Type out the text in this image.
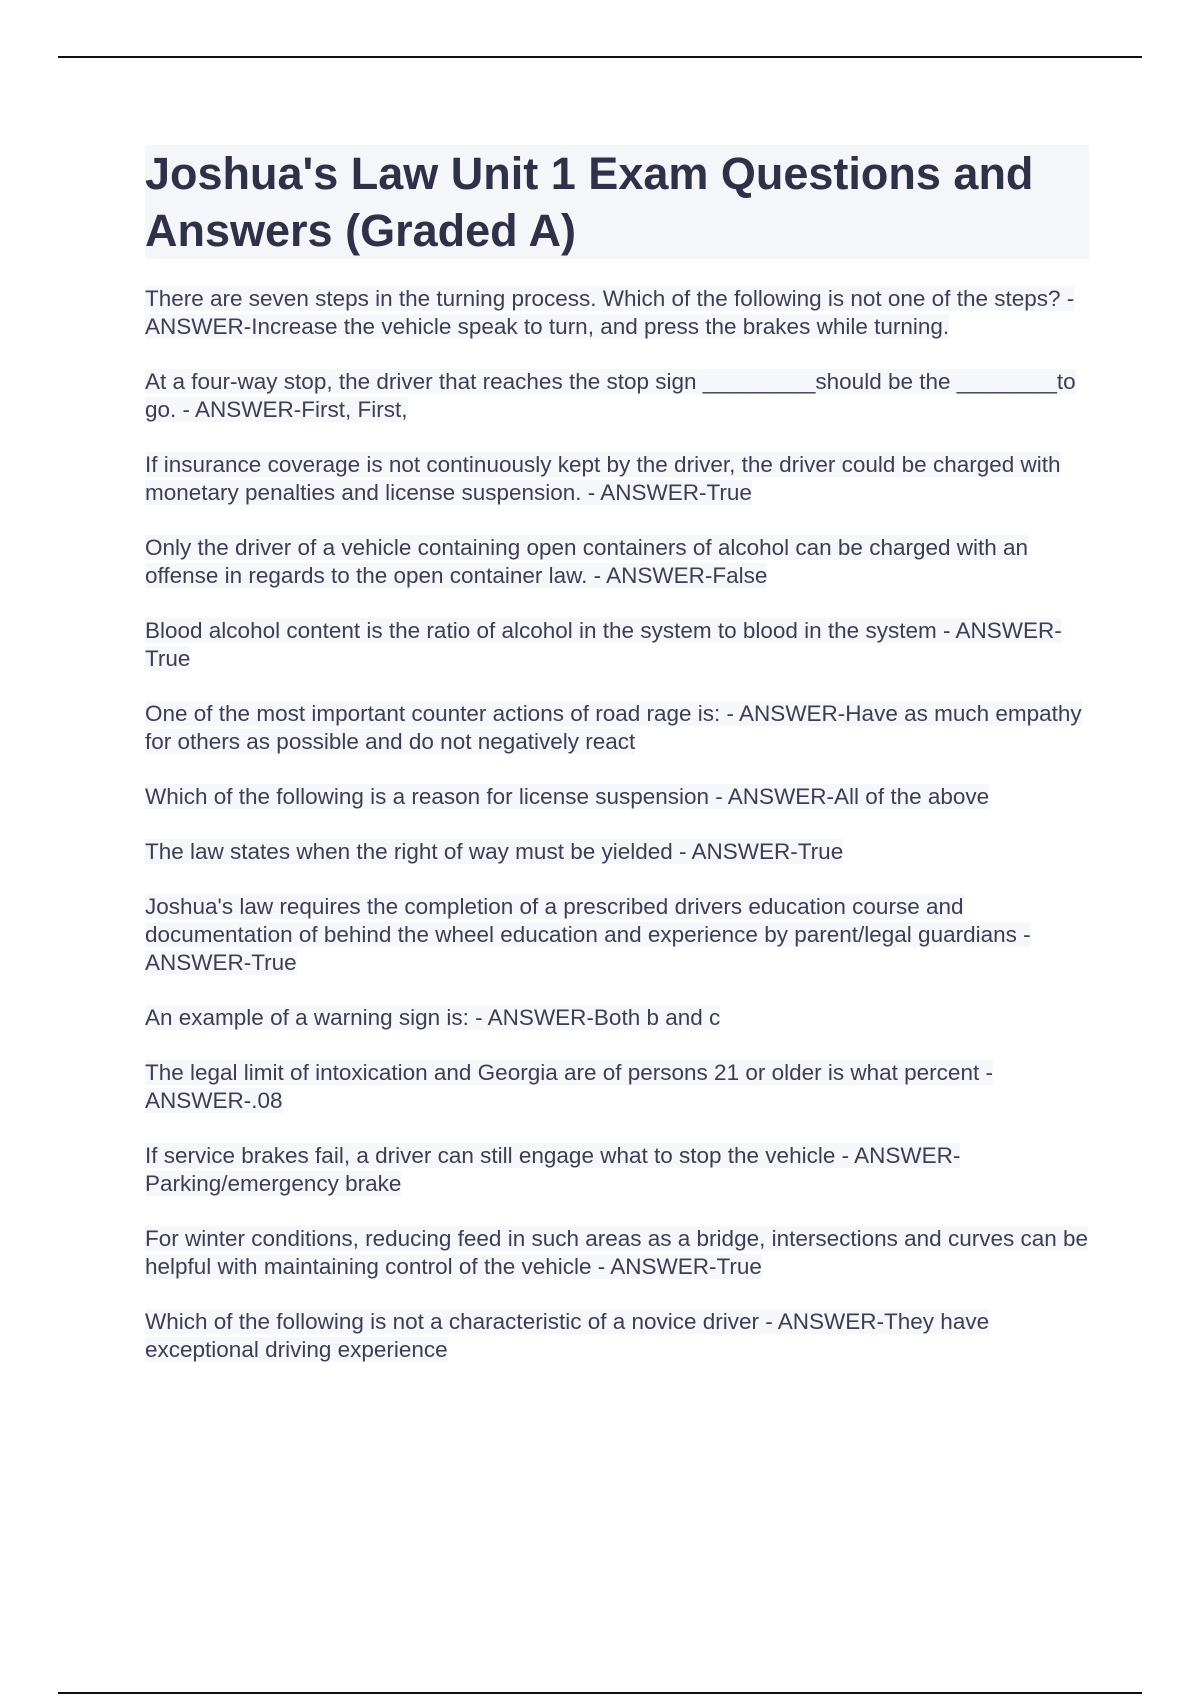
Joshua's Law Unit 1 Exam Questions and Answers (Graded A)
There are seven steps in the turning process. Which of the following is not one of the steps? - ANSWER-Increase the vehicle speak to turn, and press the brakes while turning.
At a four-way stop, the driver that reaches the stop sign _________should be the ________to go. - ANSWER-First, First,
If insurance coverage is not continuously kept by the driver, the driver could be charged with monetary penalties and license suspension. - ANSWER-True
Only the driver of a vehicle containing open containers of alcohol can be charged with an offense in regards to the open container law. - ANSWER-False
Blood alcohol content is the ratio of alcohol in the system to blood in the system - ANSWER-True
One of the most important counter actions of road rage is: - ANSWER-Have as much empathy for others as possible and do not negatively react
Which of the following is a reason for license suspension - ANSWER-All of the above
The law states when the right of way must be yielded - ANSWER-True
Joshua's law requires the completion of a prescribed drivers education course and documentation of behind the wheel education and experience by parent/legal guardians - ANSWER-True
An example of a warning sign is: - ANSWER-Both b and c
The legal limit of intoxication and Georgia are of persons 21 or older is what percent - ANSWER-.08
If service brakes fail, a driver can still engage what to stop the vehicle - ANSWER-Parking/emergency brake
For winter conditions, reducing feed in such areas as a bridge, intersections and curves can be helpful with maintaining control of the vehicle - ANSWER-True
Which of the following is not a characteristic of a novice driver - ANSWER-They have exceptional driving experience
